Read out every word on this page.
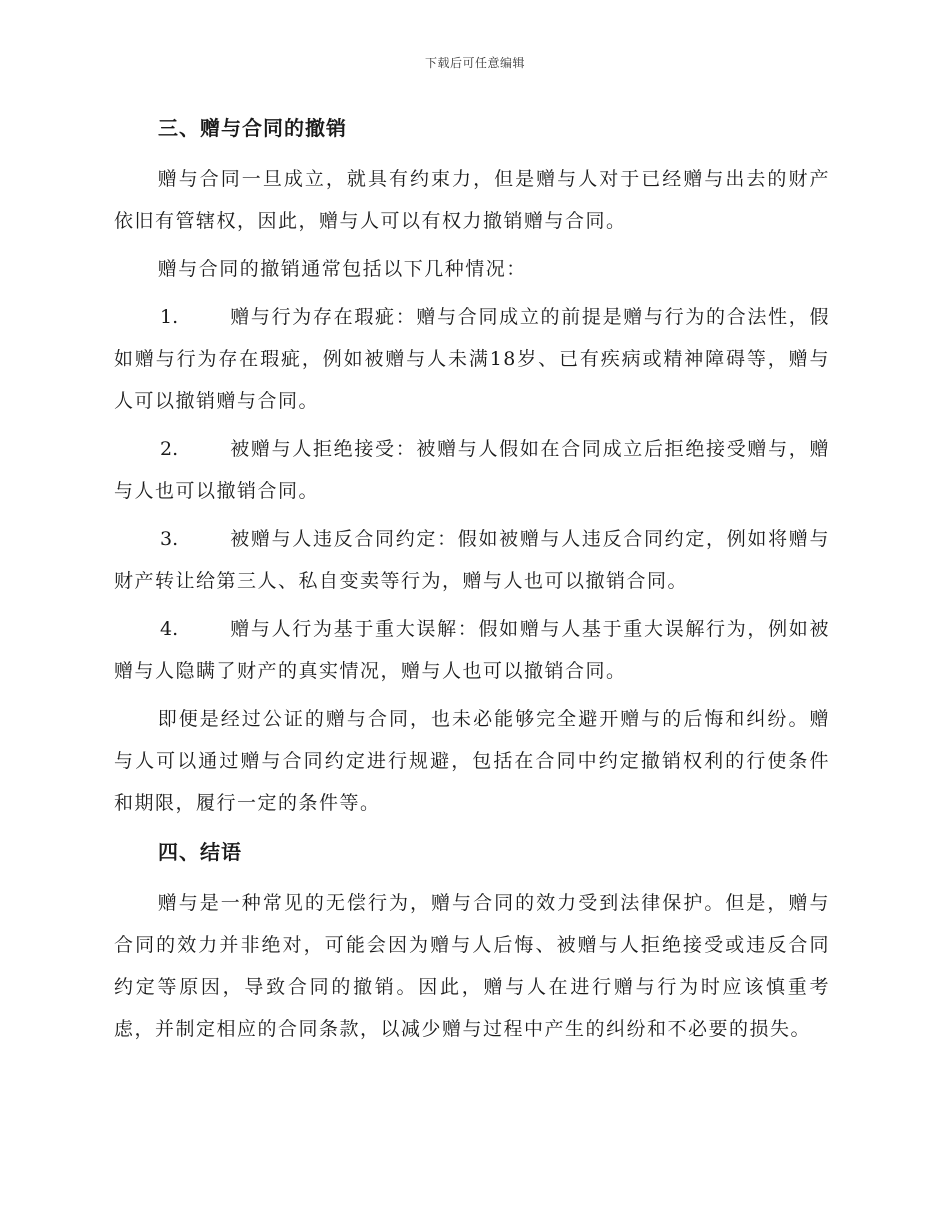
下载后可任意编辑
三、赠与合同的撤销

赠与合同一旦成立，就具有约束力，但是赠与人对于已经赠与出去的财产依旧有管辖权，因此，赠与人可以有权力撤销赠与合同。

赠与合同的撤销通常包括以下几种情况：

1.	赠与行为存在瑕疵：赠与合同成立的前提是赠与行为的合法性，假如赠与行为存在瑕疵，例如被赠与人未满18岁、已有疾病或精神障碍等，赠与人可以撤销赠与合同。

2.	被赠与人拒绝接受：被赠与人假如在合同成立后拒绝接受赠与，赠与人也可以撤销合同。

3.	被赠与人违反合同约定：假如被赠与人违反合同约定，例如将赠与财产转让给第三人、私自变卖等行为，赠与人也可以撤销合同。

4.	赠与人行为基于重大误解：假如赠与人基于重大误解行为，例如被赠与人隐瞒了财产的真实情况，赠与人也可以撤销合同。

即便是经过公证的赠与合同，也未必能够完全避开赠与的后悔和纠纷。赠与人可以通过赠与合同约定进行规避，包括在合同中约定撤销权利的行使条件和期限，履行一定的条件等。

四、结语

赠与是一种常见的无偿行为，赠与合同的效力受到法律保护。但是，赠与合同的效力并非绝对，可能会因为赠与人后悔、被赠与人拒绝接受或违反合同约定等原因，导致合同的撤销。因此，赠与人在进行赠与行为时应该慎重考虑，并制定相应的合同条款，以减少赠与过程中产生的纠纷和不必要的损失。
